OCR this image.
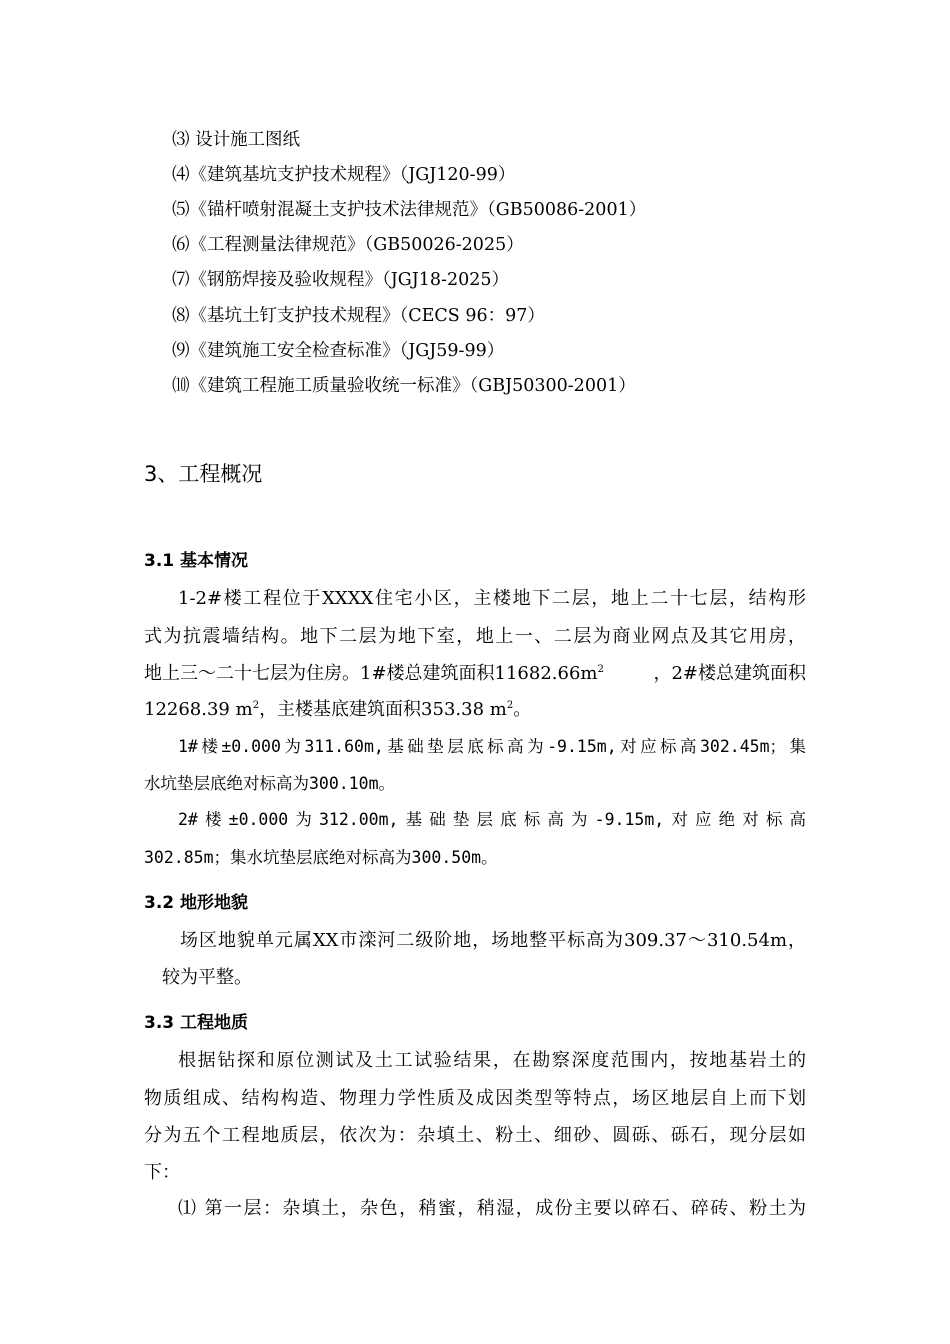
⑶ 设计施工图纸
⑷《建筑基坑支护技术规程》（JGJ120-99）
⑸《锚杆喷射混凝土支护技术法律规范》（GB50086-2001）
⑹《工程测量法律规范》（GB50026-2025）
⑺《钢筋焊接及验收规程》（JGJ18-2025）
⑻《基坑土钉支护技术规程》（CECS 96：97）
⑼《建筑施工安全检查标准》（JGJ59-99）
⑽《建筑工程施工质量验收统一标准》（GBJ50300-2001）
3、工程概况
3.1 基本情况
1-2#楼工程位于XXXX住宅小区，主楼地下二层，地上二十七层，结构形
式为抗震墙结构。地下二层为地下室，地上一、二层为商业网点及其它用房，
地上三～二十七层为住房。1#楼总建筑面积$11682.66m^2$	，2#楼总建筑面积
12268.39 $m^2$，主楼基底建筑面积353.38 $m^2$。
1#楼±0.000为311.60m,基础垫层底标高为-9.15m,对应标高302.45m；集
水坑垫层底绝对标高为300.10m。
2#楼±0.000为312.00m,基础垫层底标高为-9.15m,对应绝对标高
302.85m；集水坑垫层底绝对标高为300.50m。
3.2 地形地貌
场区地貌单元属XX市滦河二级阶地，场地整平标高为309.37～310.54m，
较为平整。
3.3 工程地质
根据钻探和原位测试及土工试验结果，在勘察深度范围内，按地基岩土的
物质组成、结构构造、物理力学性质及成因类型等特点，场区地层自上而下划
分为五个工程地质层，依次为：杂填土、粉土、细砂、圆砾、砾石，现分层如
下：
⑴ 第一层：杂填土，杂色，稍蜜，稍湿，成份主要以碎石、碎砖、粉土为
